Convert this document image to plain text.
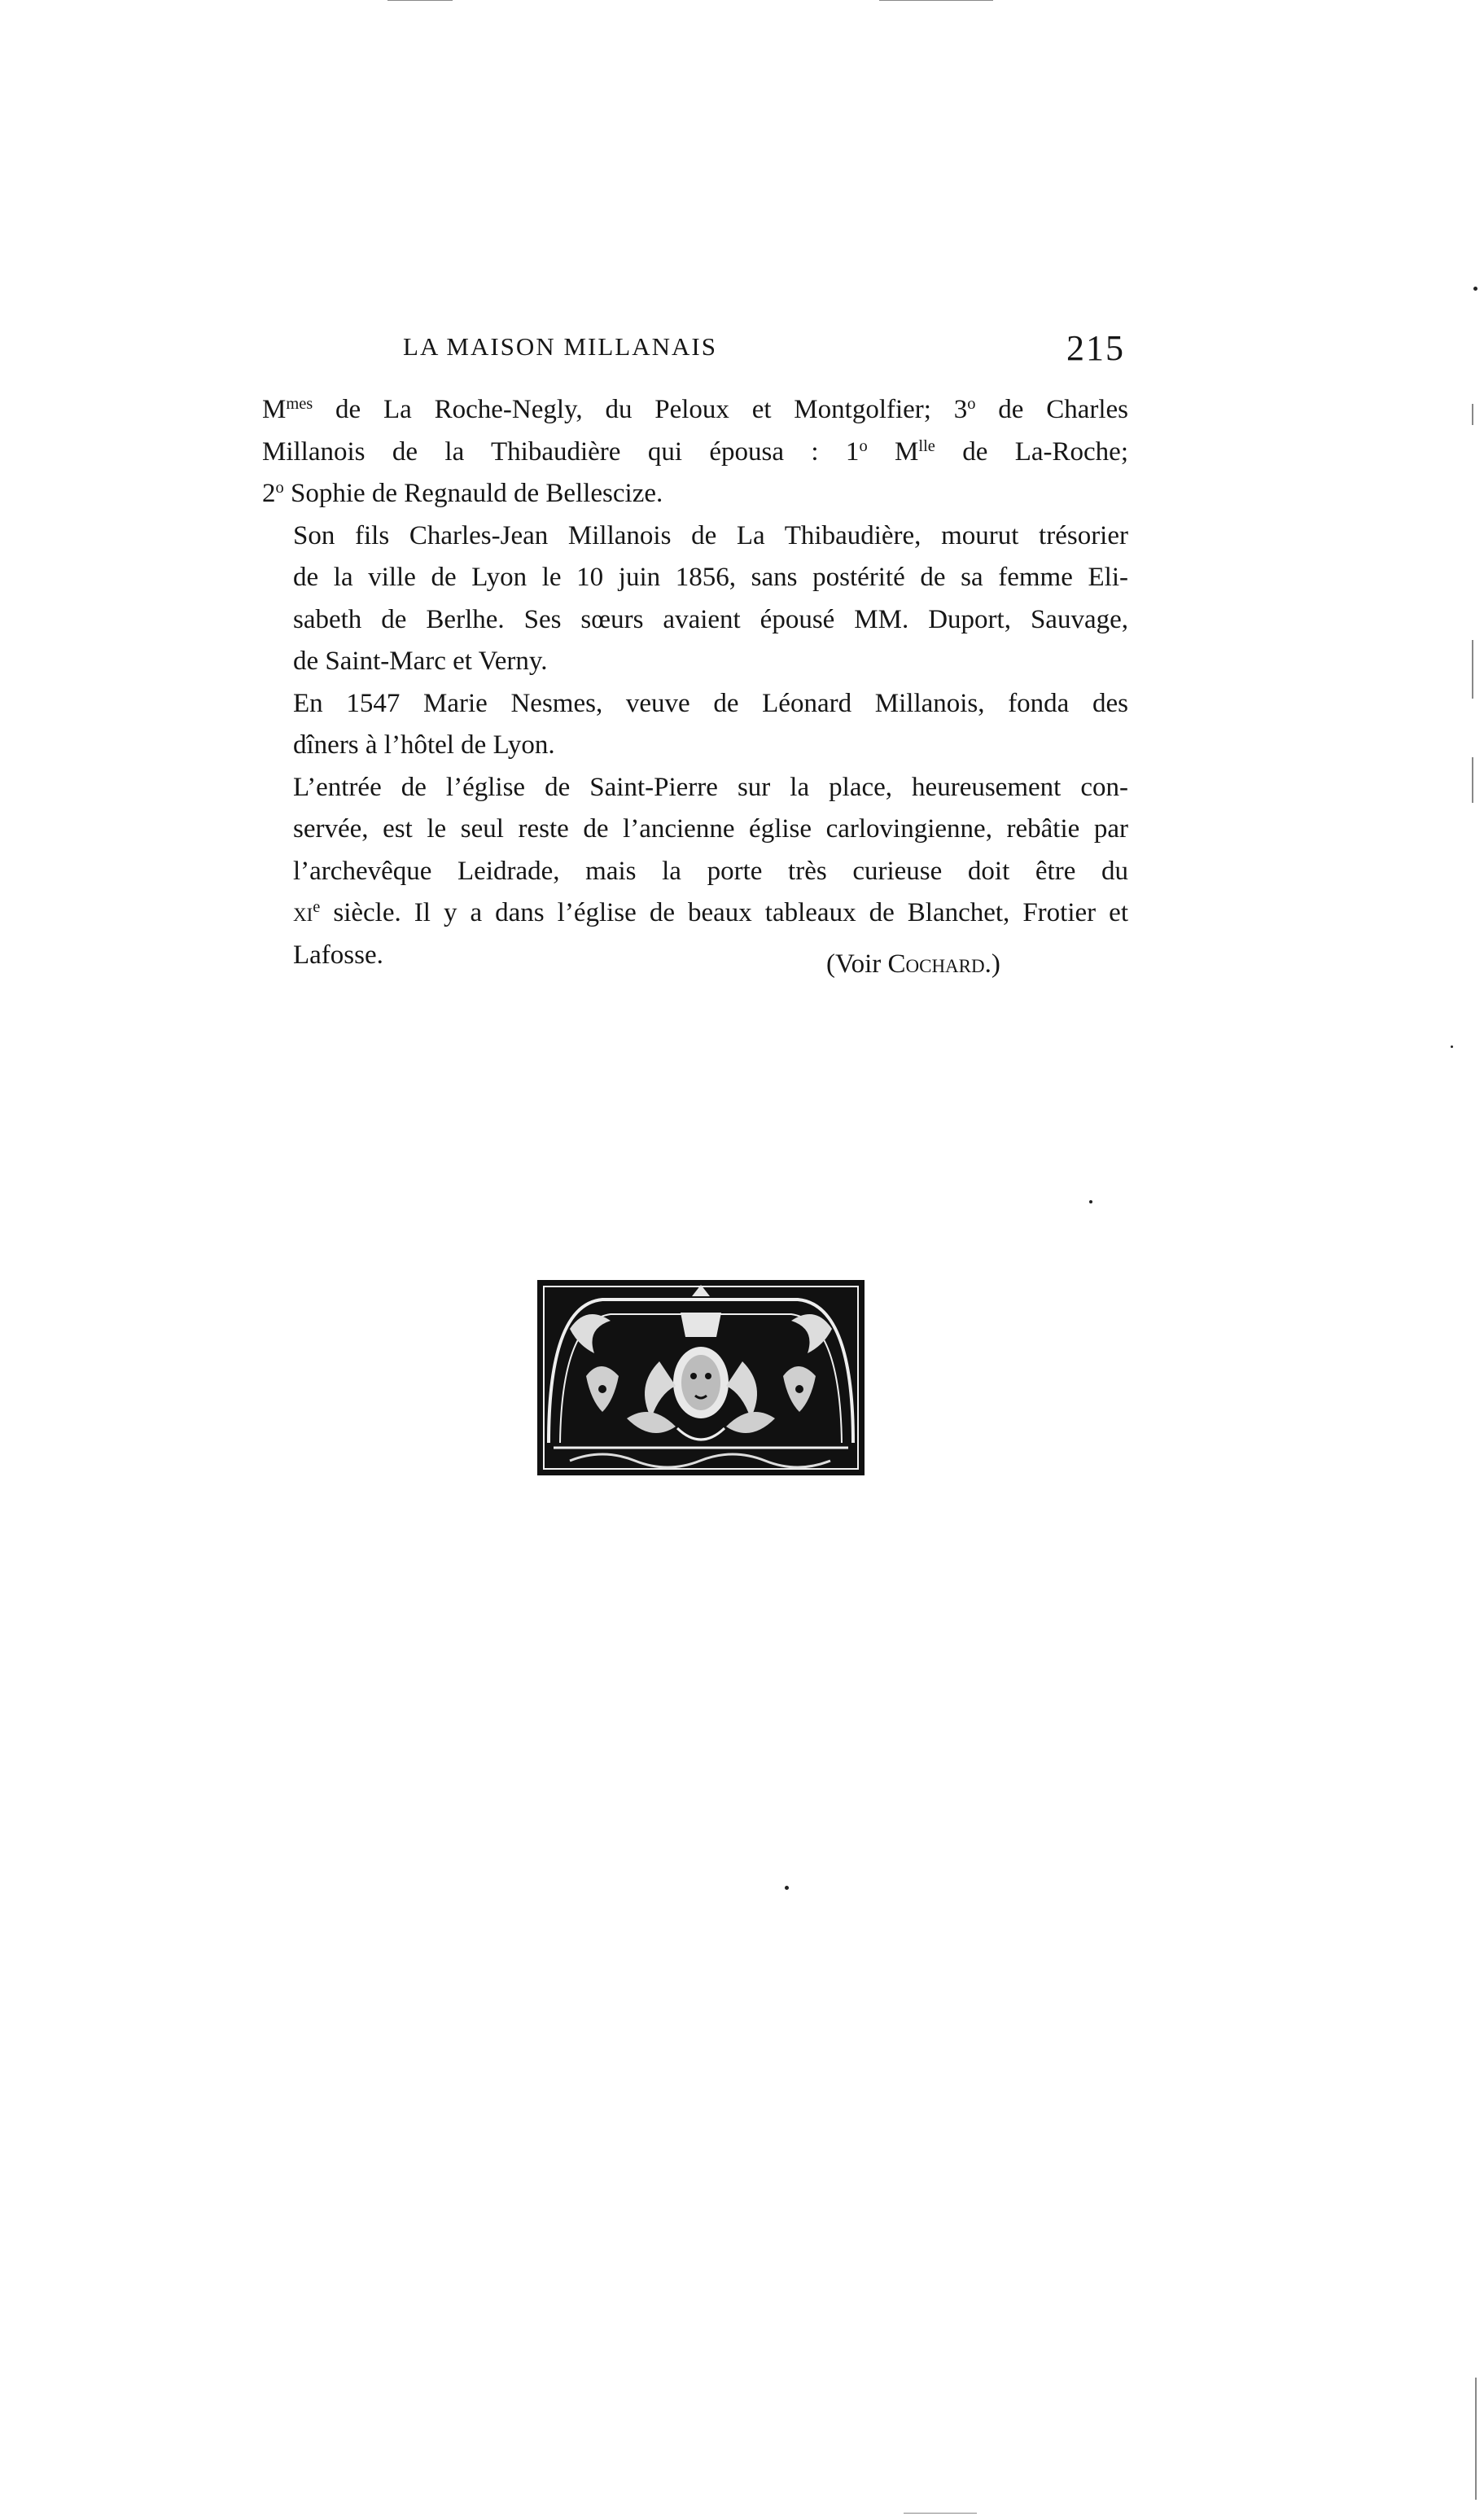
LA MAISON MILLANAIS	215

$M^{mes}$ de La Roche-Negly, du Peloux et Montgolfier; 3$^o$ de Charles
Millanois de la Thibaudière qui épousa : 1$^o$ $M^{lle}$ de La-Roche;
2$^o$ Sophie de Regnauld de Bellescize.

Son fils Charles-Jean Millanois de La Thibaudière, mourut trésorier
de la ville de Lyon le 10 juin 1856, sans postérité de sa femme Eli-
sabeth de Berlhe. Ses sœurs avaient épousé MM. Duport, Sauvage,
de Saint-Marc et Verny.

En 1547 Marie Nesmes, veuve de Léonard Millanois, fonda des
dîners à l’hôtel de Lyon.

L’entrée de l’église de Saint-Pierre sur la place, heureusement con-
servée, est le seul reste de l’ancienne église carlovingienne, rebâtie par
l’archevêque Leidrade, mais la porte très curieuse doit être du
$xi^e$ siècle. Il y a dans l’église de beaux tableaux de Blanchet, Frotier et
Lafosse.	(Voir Cochard.)
